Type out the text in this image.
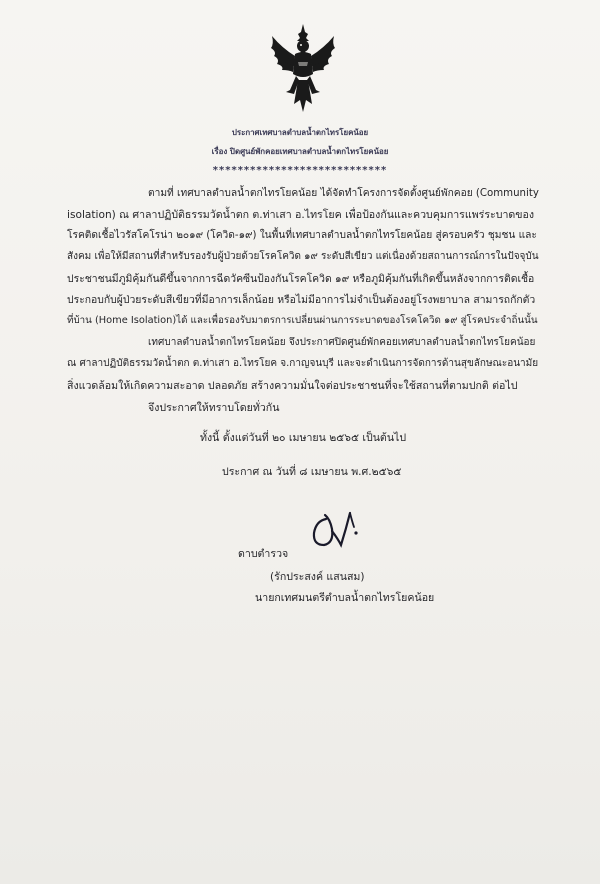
ประกาศเทศบาลตำบลน้ำตกไทรโยคน้อย
เรื่อง ปิดศูนย์พักคอยเทศบาลตำบลน้ำตกไทรโยคน้อย
****************************
ตามที่ เทศบาลตำบลน้ำตกไทรโยคน้อย ได้จัดทำโครงการจัดตั้งศูนย์พักคอย (Community
isolation) ณ ศาลาปฏิบัติธรรมวัดน้ำตก ต.ท่าเสา อ.ไทรโยค เพื่อป้องกันและควบคุมการแพร่ระบาดของ
โรคติดเชื้อไวรัสโคโรน่า ๒๐๑๙ (โควิด-๑๙) ในพื้นที่เทศบาลตำบลน้ำตกไทรโยคน้อย สู่ครอบครัว ชุมชน และ
สังคม เพื่อให้มีสถานที่สำหรับรองรับผู้ป่วยด้วยโรคโควิด ๑๙ ระดับสีเขียว แต่เนื่องด้วยสถานการณ์การในปัจจุบัน
ประชาชนมีภูมิคุ้มกันดีขึ้นจากการฉีดวัคซีนป้องกันโรคโควิด ๑๙ หรือภูมิคุ้มกันที่เกิดขึ้นหลังจากการติดเชื้อ
ประกอบกับผู้ป่วยระดับสีเขียวที่มีอาการเล็กน้อย หรือไม่มีอาการไม่จำเป็นต้องอยู่โรงพยาบาล สามารถกักตัว
ที่บ้าน (Home Isolation)ได้ และเพื่อรองรับมาตรการเปลี่ยนผ่านการระบาดของโรคโควิด ๑๙ สู่โรคประจำถิ่นนั้น
เทศบาลตำบลน้ำตกไทรโยคน้อย จึงประกาศปิดศูนย์พักคอยเทศบาลตำบลน้ำตกไทรโยคน้อย
ณ ศาลาปฏิบัติธรรมวัดน้ำตก ต.ท่าเสา อ.ไทรโยค จ.กาญจนบุรี และจะดำเนินการจัดการด้านสุขลักษณะอนามัย
สิ่งแวดล้อมให้เกิดความสะอาด ปลอดภัย สร้างความมั่นใจต่อประชาชนที่จะใช้สถานที่ตามปกติ ต่อไป
จึงประกาศให้ทราบโดยทั่วกัน
ทั้งนี้ ตั้งแต่วันที่ ๒๐ เมษายน ๒๕๖๕ เป็นต้นไป
ประกาศ ณ วันที่ ๘ เมษายน พ.ศ.๒๕๖๕
ดาบตำรวจ
(รักประสงค์ แสนสม)
นายกเทศมนตรีตำบลน้ำตกไทรโยคน้อย
